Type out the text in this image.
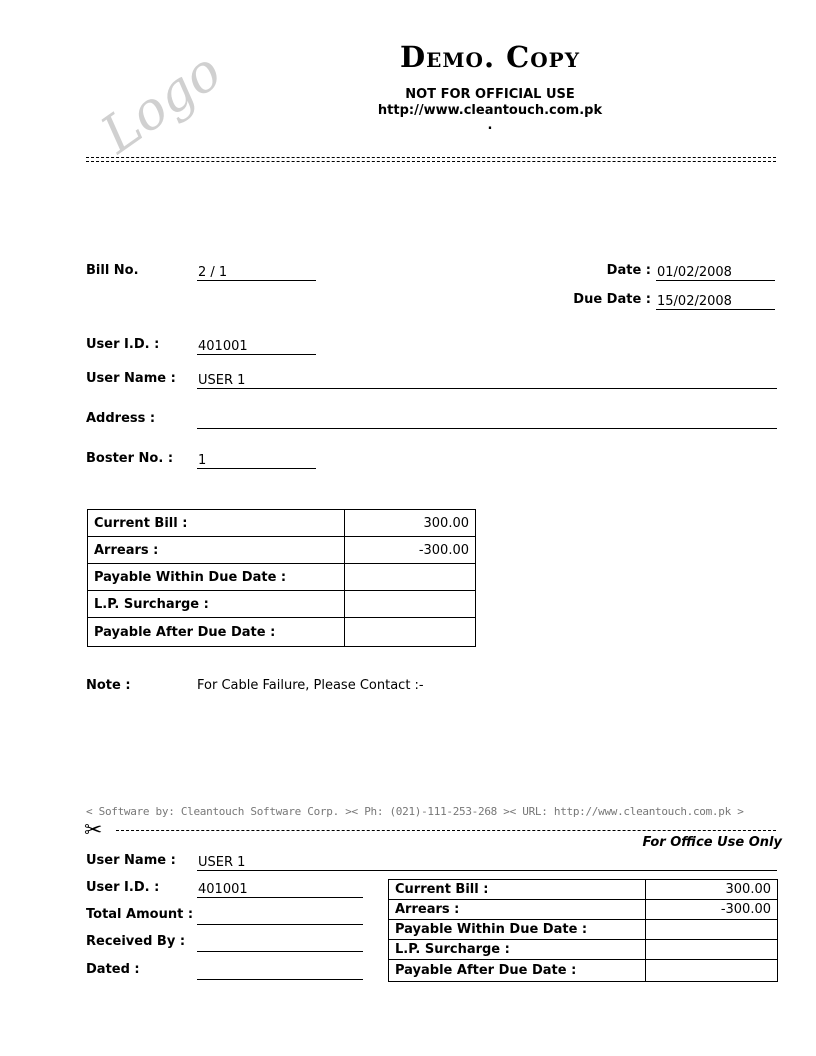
Logo	Demo. Copy
NOT FOR OFFICIAL USE
http://www.cleantouch.com.pk
.
Bill No.	2 / 1	Date : 01/02/2008
Due Date : 15/02/2008
User I.D. :	401001
User Name : USER 1
Address :
Boster No. : 1
Current Bill :	300.00
Arrears :	-300.00
Payable Within Due Date :	
L.P. Surcharge :	
Payable After Due Date :	
Note :	For Cable Failure, Please Contact :-
< Software by: Cleantouch Software Corp. >< Ph: (021)-111-253-268 >< URL: http://www.cleantouch.com.pk >
✂	For Office Use Only
User Name : USER 1
User I.D. :	401001
Total Amount :
Received By :
Dated :
Current Bill :	300.00
Arrears :	-300.00
Payable Within Due Date :	
L.P. Surcharge :	
Payable After Due Date :	
